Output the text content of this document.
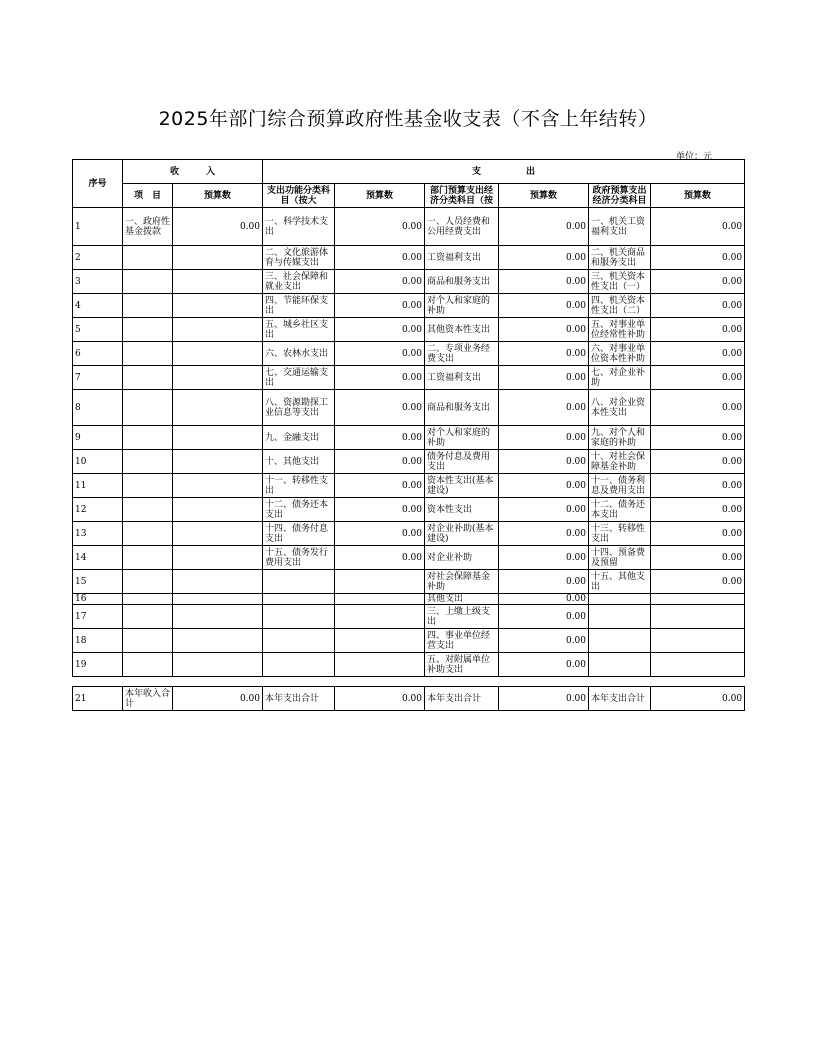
2025年部门综合预算政府性基金收支表（不含上年结转）
单位：元
序号	收　　　入		支　　　　　出					
	项　目	预算数	支出功能分类科目（按大	预算数	部门预算支出经济分类科目（按	预算数	政府预算支出经济分类科目	预算数
1	一、政府性基金拨款	0.00	一、科学技术支出	0.00	一、人员经费和公用经费支出	0.00	一、机关工资福利支出	0.00
2			二、文化旅游体育与传媒支出	0.00	工资福利支出	0.00	二、机关商品和服务支出	0.00
3			三、社会保障和就业支出	0.00	商品和服务支出	0.00	三、机关资本性支出（一）	0.00
4			四、节能环保支出	0.00	对个人和家庭的补助	0.00	四、机关资本性支出（二）	0.00
5			五、城乡社区支出	0.00	其他资本性支出	0.00	五、对事业单位经常性补助	0.00
6			六、农林水支出	0.00	二、专项业务经费支出	0.00	六、对事业单位资本性补助	0.00
7			七、交通运输支出	0.00	工资福利支出	0.00	七、对企业补助	0.00
8			八、资源勘探工业信息等支出	0.00	商品和服务支出	0.00	八、对企业资本性支出	0.00
9			九、金融支出	0.00	对个人和家庭的补助	0.00	九、对个人和家庭的补助	0.00
10			十、其他支出	0.00	债务付息及费用支出	0.00	十、对社会保障基金补助	0.00
11			十一、转移性支出	0.00	资本性支出(基本建设)	0.00	十一、债务利息及费用支出	0.00
12			十二、债务还本支出	0.00	资本性支出	0.00	十二、债务还本支出	0.00
13			十四、债务付息支出	0.00	对企业补助(基本建设)	0.00	十三、转移性支出	0.00
14			十五、债务发行费用支出	0.00	对企业补助	0.00	十四、预备费及预留	0.00
15					对社会保障基金补助	0.00	十五、其他支出	0.00
16					其他支出	0.00		
17					三、上缴上级支出	0.00		
18					四、事业单位经营支出	0.00		
19					五、对附属单位补助支出	0.00		

21	本年收入合计	0.00	本年支出合计	0.00	本年支出合计	0.00	本年支出合计	0.00
